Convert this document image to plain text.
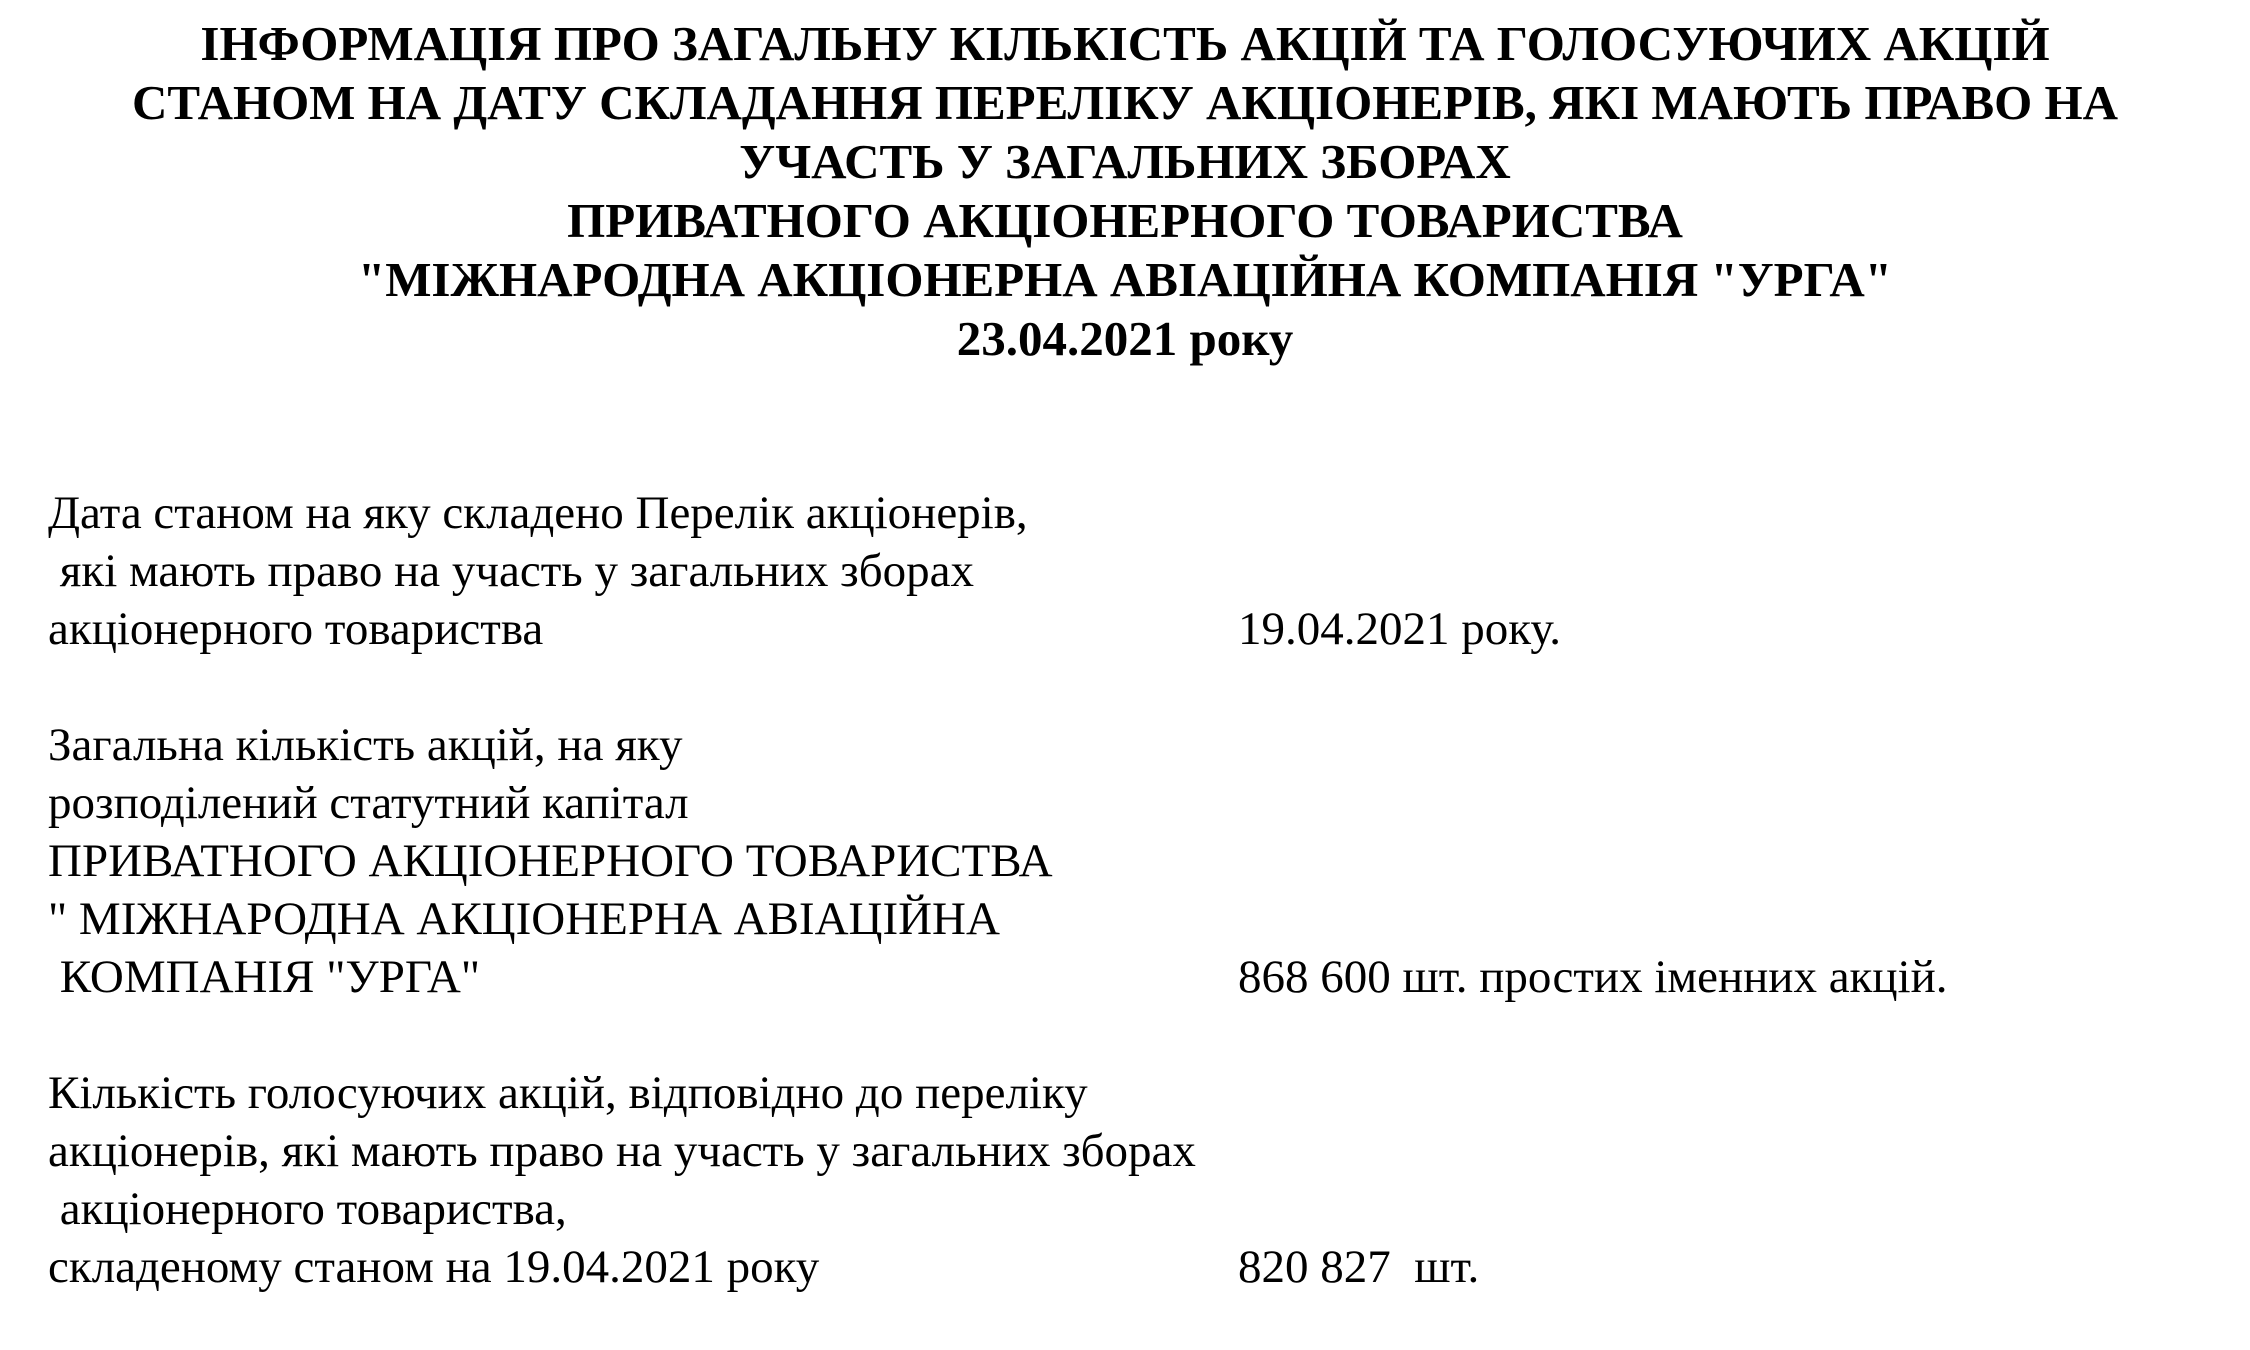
ІНФОРМАЦІЯ ПРО ЗАГАЛЬНУ КІЛЬКІСТЬ АКЦІЙ ТА ГОЛОСУЮЧИХ АКЦІЙ
СТАНОМ НА ДАТУ СКЛАДАННЯ ПЕРЕЛІКУ АКЦІОНЕРІВ, ЯКІ МАЮТЬ ПРАВО НА
УЧАСТЬ У ЗАГАЛЬНИХ ЗБОРАХ
ПРИВАТНОГО АКЦІОНЕРНОГО ТОВАРИСТВА
"МІЖНАРОДНА АКЦІОНЕРНА АВІАЦІЙНА КОМПАНІЯ "УРГА"
23.04.2021 року
Дата станом на яку складено Перелік акціонерів,
які мають право на участь у загальних зборах
акціонерного товариства	19.04.2021 року.
Загальна кількість акцій, на яку
розподілений статутний капітал
ПРИВАТНОГО АКЦІОНЕРНОГО ТОВАРИСТВА
" МІЖНАРОДНА АКЦІОНЕРНА АВІАЦІЙНА
КОМПАНІЯ "УРГА"	868 600 шт. простих іменних акцій.
Кількість голосуючих акцій, відповідно до переліку
акціонерів, які мають право на участь у загальних зборах
акціонерного товариства,
складеному станом на 19.04.2021 року	820 827  шт.
